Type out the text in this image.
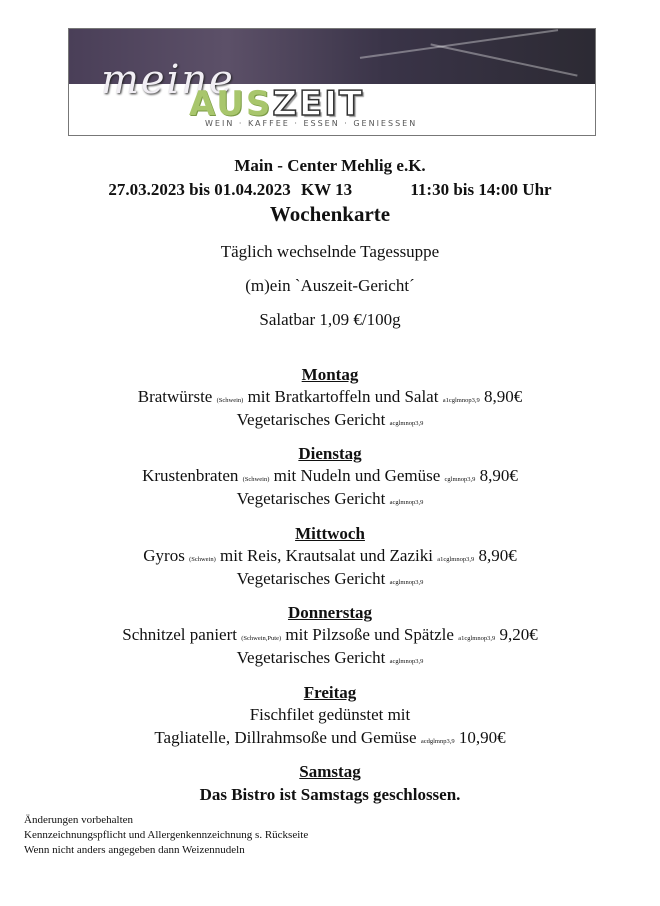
meine
AUSZEIT
WEIN · KAFFEE · ESSEN · GENIESSEN
Main - Center Mehlig e.K.
27.03.2023 bis 01.04.2023 KW 13	11:30 bis 14:00 Uhr
Wochenkarte
Täglich wechselnde Tagessuppe
(m)ein `Auszeit-Gericht´
Salatbar 1,09 €/100g
Montag
Bratwürste (Schwein) mit Bratkartoffeln und Salat a1cglmnop3,9 8,90€
Vegetarisches Gericht acglmnop3,9
Dienstag
Krustenbraten (Schwein) mit Nudeln und Gemüse cglmnop3,9 8,90€
Vegetarisches Gericht acglmnop3,9
Mittwoch
Gyros (Schwein) mit Reis, Krautsalat und Zaziki a1cglmnop3,9 8,90€
Vegetarisches Gericht acglmnop3,9
Donnerstag
Schnitzel paniert (Schwein,Pute) mit Pilzsoße und Spätzle a1cglmnop3,9 9,20€
Vegetarisches Gericht acglmnop3,9
Freitag
Fischfilet gedünstet mit
Tagliatelle, Dillrahmsoße und Gemüse acdglmnp3,9 10,90€
Samstag
Das Bistro ist Samstags geschlossen.
Änderungen vorbehalten
Kennzeichnungspflicht und Allergenkennzeichnung s. Rückseite
Wenn nicht anders angegeben dann Weizennudeln
